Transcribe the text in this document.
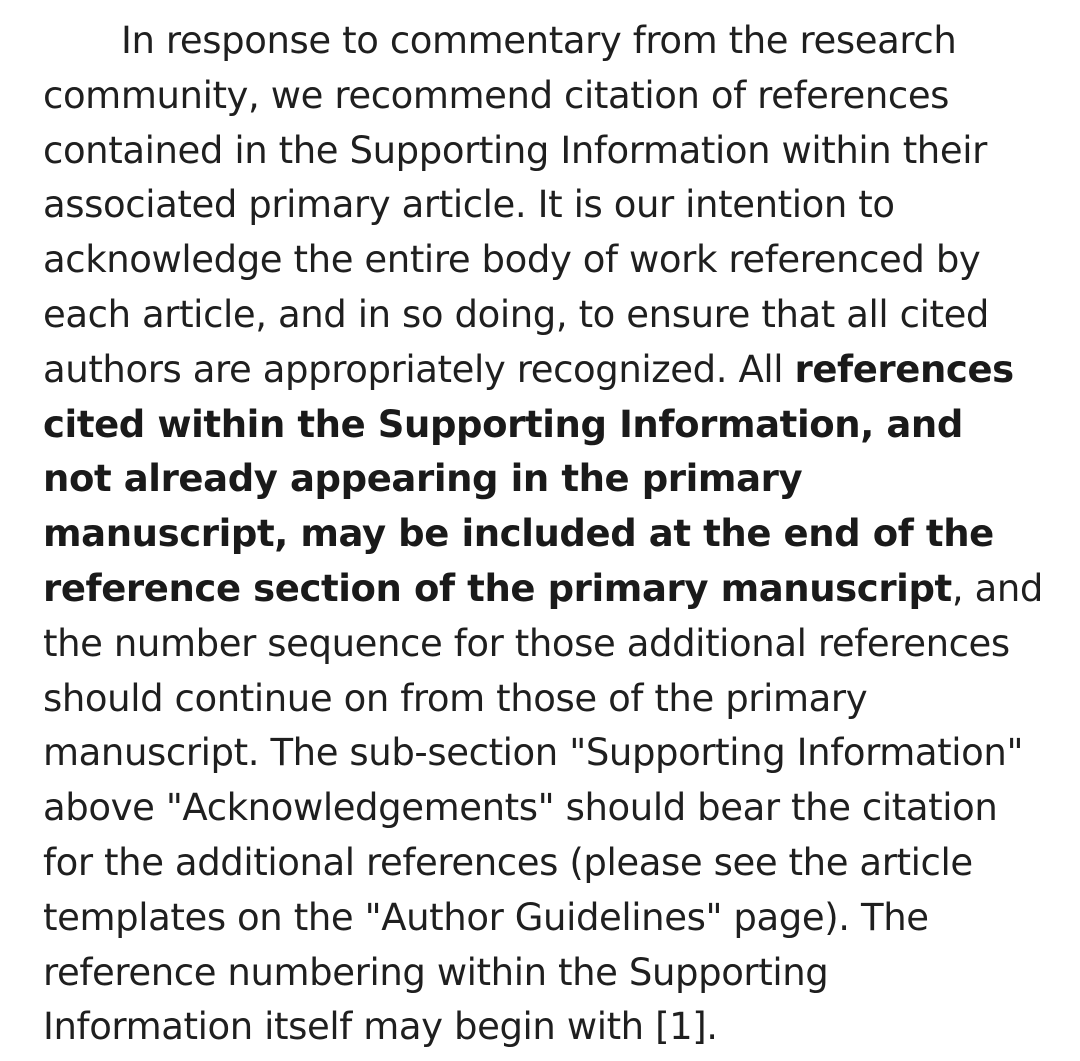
In response to commentary from the research community, we recommend citation of references contained in the Supporting Information within their associated primary article. It is our intention to acknowledge the entire body of work referenced by each article, and in so doing, to ensure that all cited authors are appropriately recognized. All references cited within the Supporting Information, and not already appearing in the primary manuscript, may be included at the end of the reference section of the primary manuscript, and the number sequence for those additional references should continue on from those of the primary manuscript. The sub-section "Supporting Information" above "Acknowledgements" should bear the citation for the additional references (please see the article templates on the "Author Guidelines" page). The reference numbering within the Supporting Information itself may begin with [1].
